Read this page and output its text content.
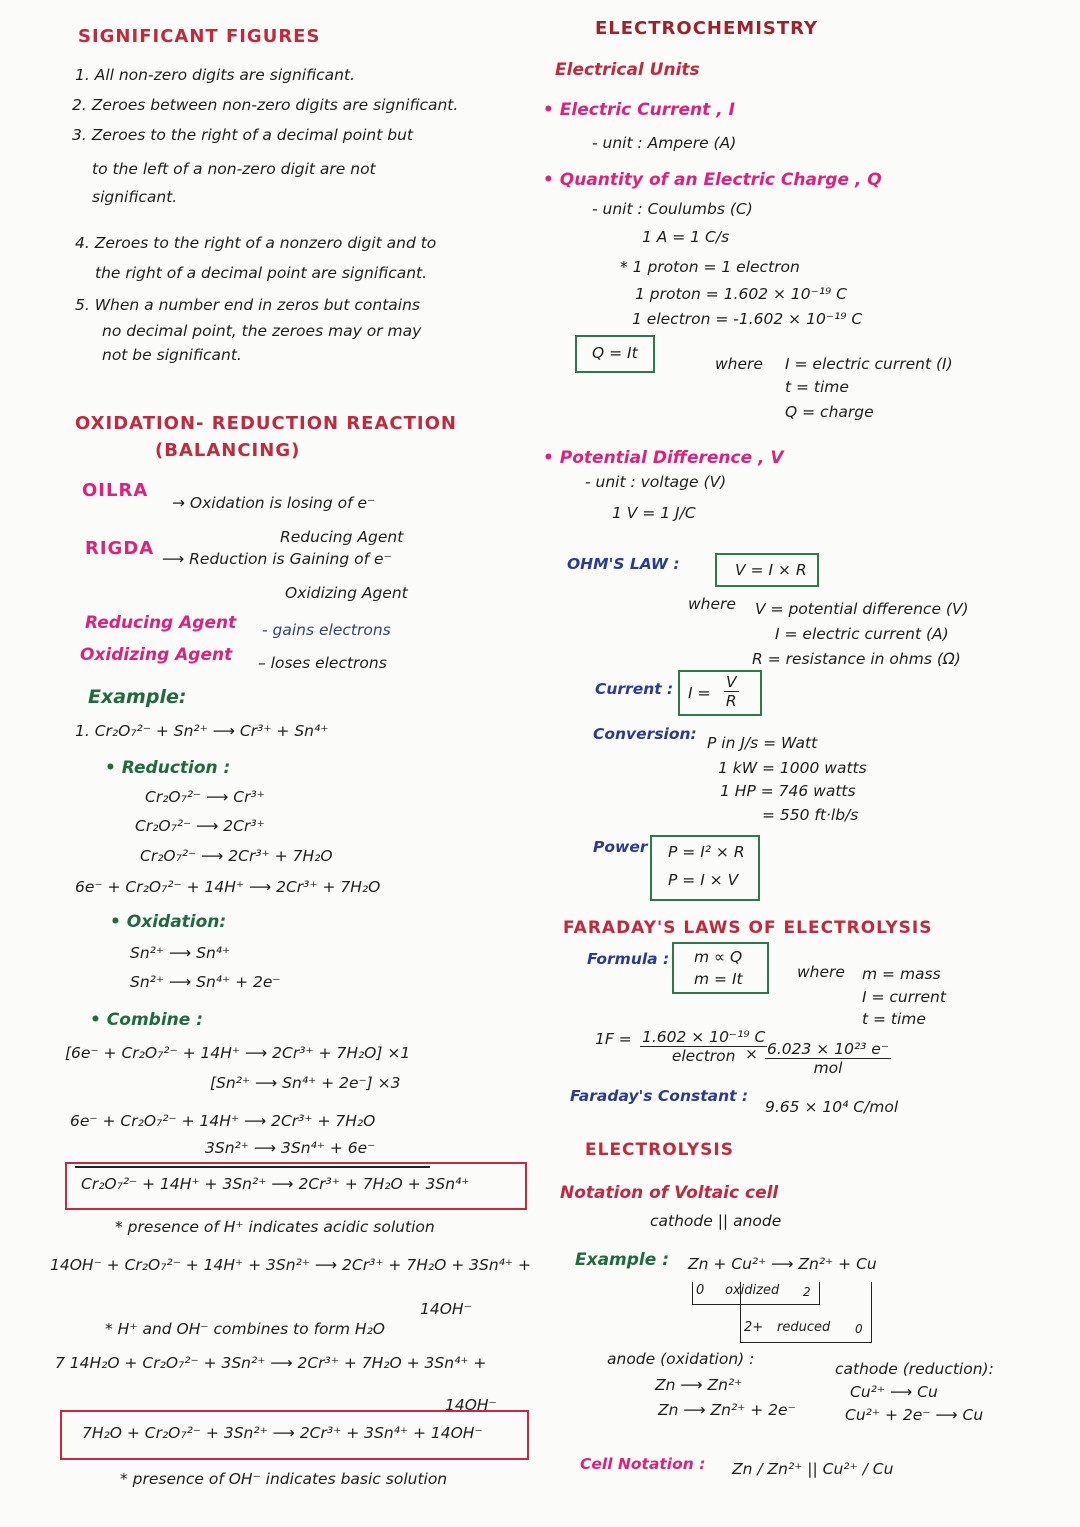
SIGNIFICANT FIGURES
1. All non-zero digits are significant.
2. Zeroes between non-zero digits are significant.
3. Zeroes to the right of a decimal point but
to the left of a non-zero digit are not
significant.
4. Zeroes to the right of a nonzero digit and to
the right of a decimal point are significant.
5. When a number end in zeros but contains
no decimal point, the zeroes may or may
not be significant.
OXIDATION- REDUCTION REACTION
(BALANCING)
OILRA
→ Oxidation is losing of e⁻
Reducing Agent
RIGDA ⟶ Reduction is Gaining of e⁻
Oxidizing Agent
Reducing Agent - gains electrons
Oxidizing Agent – loses electrons
Example:
1. Cr₂O₇²⁻ + Sn²⁺ ⟶ Cr³⁺ + Sn⁴⁺
• Reduction :
Cr₂O₇²⁻ ⟶ Cr³⁺
Cr₂O₇²⁻ ⟶ 2Cr³⁺
Cr₂O₇²⁻ ⟶ 2Cr³⁺ + 7H₂O
6e⁻ + Cr₂O₇²⁻ + 14H⁺ ⟶ 2Cr³⁺ + 7H₂O
• Oxidation:
Sn²⁺ ⟶ Sn⁴⁺
Sn²⁺ ⟶ Sn⁴⁺ + 2e⁻
• Combine :
[6e⁻ + Cr₂O₇²⁻ + 14H⁺ ⟶ 2Cr³⁺ + 7H₂O] ×1
[Sn²⁺ ⟶ Sn⁴⁺ + 2e⁻] ×3
6e⁻ + Cr₂O₇²⁻ + 14H⁺ ⟶ 2Cr³⁺ + 7H₂O
3Sn²⁺ ⟶ 3Sn⁴⁺ + 6e⁻
Cr₂O₇²⁻ + 14H⁺ + 3Sn²⁺ ⟶ 2Cr³⁺ + 7H₂O + 3Sn⁴⁺
* presence of H⁺ indicates acidic solution
14OH⁻ + Cr₂O₇²⁻ + 14H⁺ + 3Sn²⁺ ⟶ 2Cr³⁺ + 7H₂O + 3Sn⁴⁺ +
14OH⁻
* H⁺ and OH⁻ combines to form H₂O
7 14H₂O + Cr₂O₇²⁻ + 3Sn²⁺ ⟶ 2Cr³⁺ + 7H₂O + 3Sn⁴⁺ +
14OH⁻
7H₂O + Cr₂O₇²⁻ + 3Sn²⁺ ⟶ 2Cr³⁺ + 3Sn⁴⁺ + 14OH⁻
* presence of OH⁻ indicates basic solution
ELECTROCHEMISTRY
Electrical Units
• Electric Current , I
- unit : Ampere (A)
• Quantity of an Electric Charge , Q
- unit : Coulumbs (C)
1 A = 1 C/s
* 1 proton = 1 electron
1 proton = 1.602 × 10⁻¹⁹ C
1 electron = -1.602 × 10⁻¹⁹ C
Q = It
where I = electric current (I)
t = time
Q = charge
• Potential Difference , V
- unit : voltage (V)
1 V = 1 J/C
OHM'S LAW :	V = I × R
where V = potential difference (V)
I = electric current (A)
R = resistance in ohms (Ω)
Current : $I = \frac{V}{R}$
Conversion: P in J/s = Watt
1 kW = 1000 watts
1 HP = 746 watts
= 550 ft·lb/s
Power P = I² × R
P = I × V
FARADAY'S LAWS OF ELECTROLYSIS
Formula : m ∝ Q
m = It	where m = mass
I = current
t = time
1F = 1.602 × 10⁻¹⁹ C
electron × 6.023 × 10²³ e⁻
mol
Faraday's Constant :
9.65 × 10⁴ C/mol
ELECTROLYSIS
Notation of Voltaic cell
cathode || anode
Example : Zn + Cu²⁺ ⟶ Zn²⁺ + Cu
0 oxidized 2
2+ reduced 0
anode (oxidation) :
Zn ⟶ Zn²⁺
Zn ⟶ Zn²⁺ + 2e⁻
cathode (reduction):
Cu²⁺ ⟶ Cu
Cu²⁺ + 2e⁻ ⟶ Cu
Cell Notation : Zn / Zn²⁺ || Cu²⁺ / Cu
